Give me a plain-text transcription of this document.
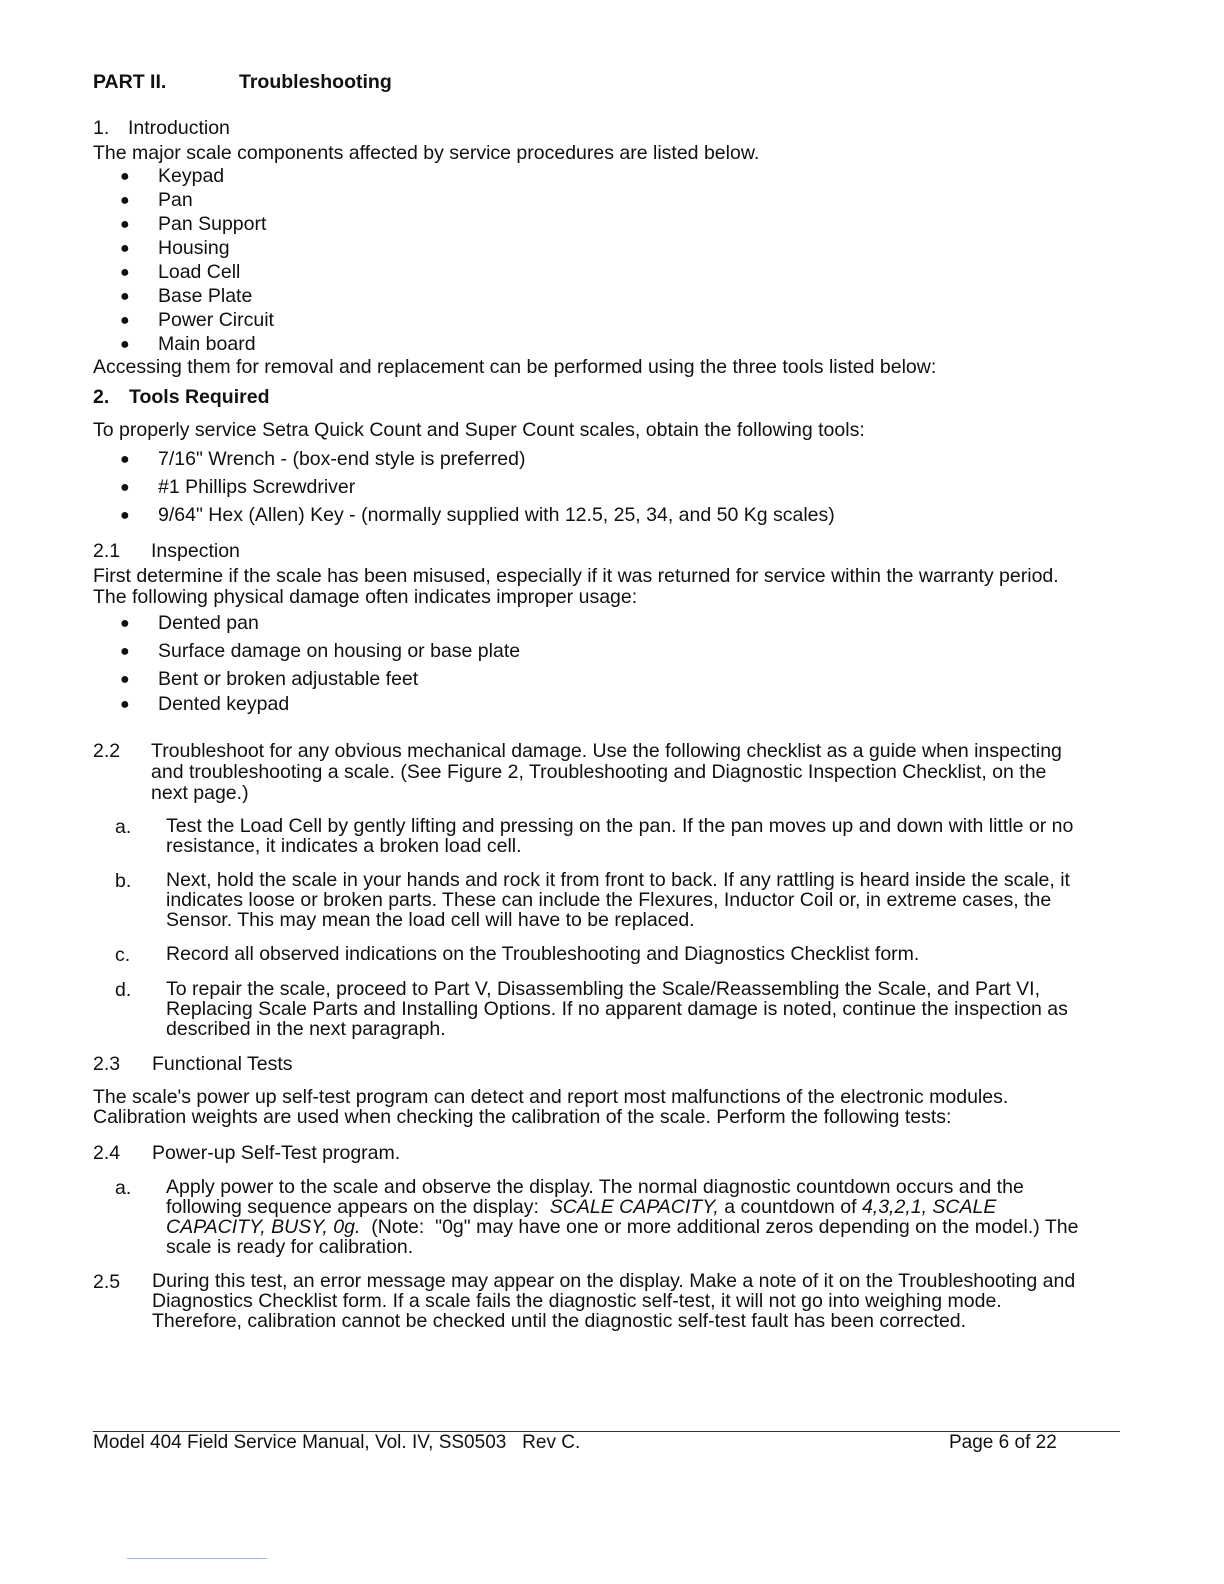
PART II.	Troubleshooting
1. Introduction
The major scale components affected by service procedures are listed below.
● Keypad
● Pan
● Pan Support
● Housing
● Load Cell
● Base Plate
● Power Circuit
● Main board
Accessing them for removal and replacement can be performed using the three tools listed below:
2. Tools Required
To properly service Setra Quick Count and Super Count scales, obtain the following tools:
● 7/16" Wrench - (box-end style is preferred)
● #1 Phillips Screwdriver
● 9/64" Hex (Allen) Key - (normally supplied with 12.5, 25, 34, and 50 Kg scales)
2.1 Inspection
First determine if the scale has been misused, especially if it was returned for service within the warranty period.
The following physical damage often indicates improper usage:
● Dented pan
● Surface damage on housing or base plate
● Bent or broken adjustable feet
● Dented keypad
2.2 Troubleshoot for any obvious mechanical damage. Use the following checklist as a guide when inspecting
and troubleshooting a scale. (See Figure 2, Troubleshooting and Diagnostic Inspection Checklist, on the
next page.)
a. Test the Load Cell by gently lifting and pressing on the pan. If the pan moves up and down with little or no
resistance, it indicates a broken load cell.
b. Next, hold the scale in your hands and rock it from front to back. If any rattling is heard inside the scale, it
indicates loose or broken parts. These can include the Flexures, Inductor Coil or, in extreme cases, the
Sensor. This may mean the load cell will have to be replaced.
c. Record all observed indications on the Troubleshooting and Diagnostics Checklist form.
d. To repair the scale, proceed to Part V, Disassembling the Scale/Reassembling the Scale, and Part VI,
Replacing Scale Parts and Installing Options. If no apparent damage is noted, continue the inspection as
described in the next paragraph.
2.3 Functional Tests
The scale's power up self-test program can detect and report most malfunctions of the electronic modules.
Calibration weights are used when checking the calibration of the scale. Perform the following tests:
2.4 Power-up Self-Test program.
a. Apply power to the scale and observe the display. The normal diagnostic countdown occurs and the
following sequence appears on the display:  SCALE CAPACITY, a countdown of 4,3,2,1, SCALE
CAPACITY, BUSY, 0g.  (Note:  "0g" may have one or more additional zeros depending on the model.) The
scale is ready for calibration.
2.5 During this test, an error message may appear on the display. Make a note of it on the Troubleshooting and
Diagnostics Checklist form. If a scale fails the diagnostic self-test, it will not go into weighing mode.
Therefore, calibration cannot be checked until the diagnostic self-test fault has been corrected.
Model 404 Field Service Manual, Vol. IV, SS0503   Rev C.	Page 6 of 22
